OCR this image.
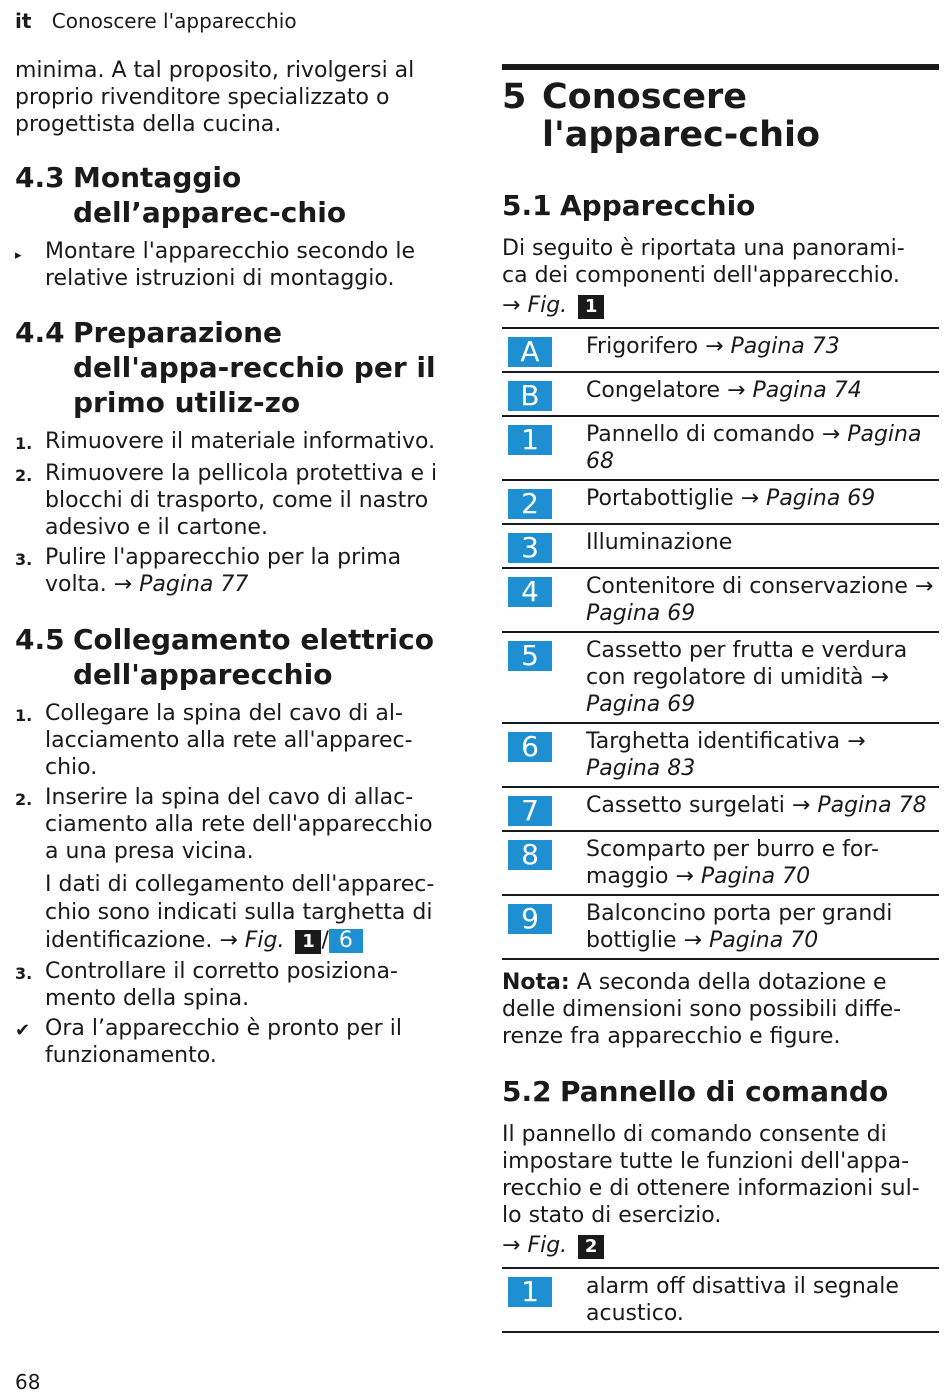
it Conoscere l'apparecchio

minima. A tal proposito, rivolgersi al proprio rivenditore specializzato o progettista della cucina.

4.3 Montaggio dell’apparec-chio
▸	Montare l'apparecchio secondo le relative istruzioni di montaggio.
4.4 Preparazione dell'appa-recchio per il primo utiliz-zo
1. Rimuovere il materiale informativo.
2. Rimuovere la pellicola protettiva e i blocchi di trasporto, come il nastro adesivo e il cartone.
3. Pulire l'apparecchio per la prima volta. → Pagina 77
4.5 Collegamento elettrico dell'apparecchio
1. Collegare la spina del cavo di al-lacciamento alla rete all'apparec-chio.
2. Inserire la spina del cavo di allac-ciamento alla rete dell'apparecchio a una presa vicina.
I dati di collegamento dell'apparec-chio sono indicati sulla targhetta di identificazione. → Fig. 1 / 6
3. Controllare il corretto posiziona-mento della spina.
✔ Ora l’apparecchio è pronto per il funzionamento.
5 Conoscere l'apparec-chio
5.1 Apparecchio

Di seguito è riportata una panorami-ca dei componenti dell'apparecchio.

→ Fig. 1

A	Frigorifero → Pagina 73
B	Congelatore → Pagina 74
1	Pannello di comando → Pagina 68
2	Portabottiglie → Pagina 69
3	Illuminazione
4	Contenitore di conservazione → Pagina 69
5	Cassetto per frutta e verdura con regolatore di umidità → Pagina 69
6	Targhetta identificativa → Pagina 83
7	Cassetto surgelati → Pagina 78
8	Scomparto per burro e for-maggio → Pagina 70
9	Balconcino porta per grandi bottiglie → Pagina 70

Nota: A seconda della dotazione e delle dimensioni sono possibili diffe-renze fra apparecchio e figure.

5.2 Pannello di comando

Il pannello di comando consente di impostare tutte le funzioni dell'appa-recchio e di ottenere informazioni sul-lo stato di esercizio.

→ Fig. 2

1	alarm off disattiva il segnale acustico.
68
